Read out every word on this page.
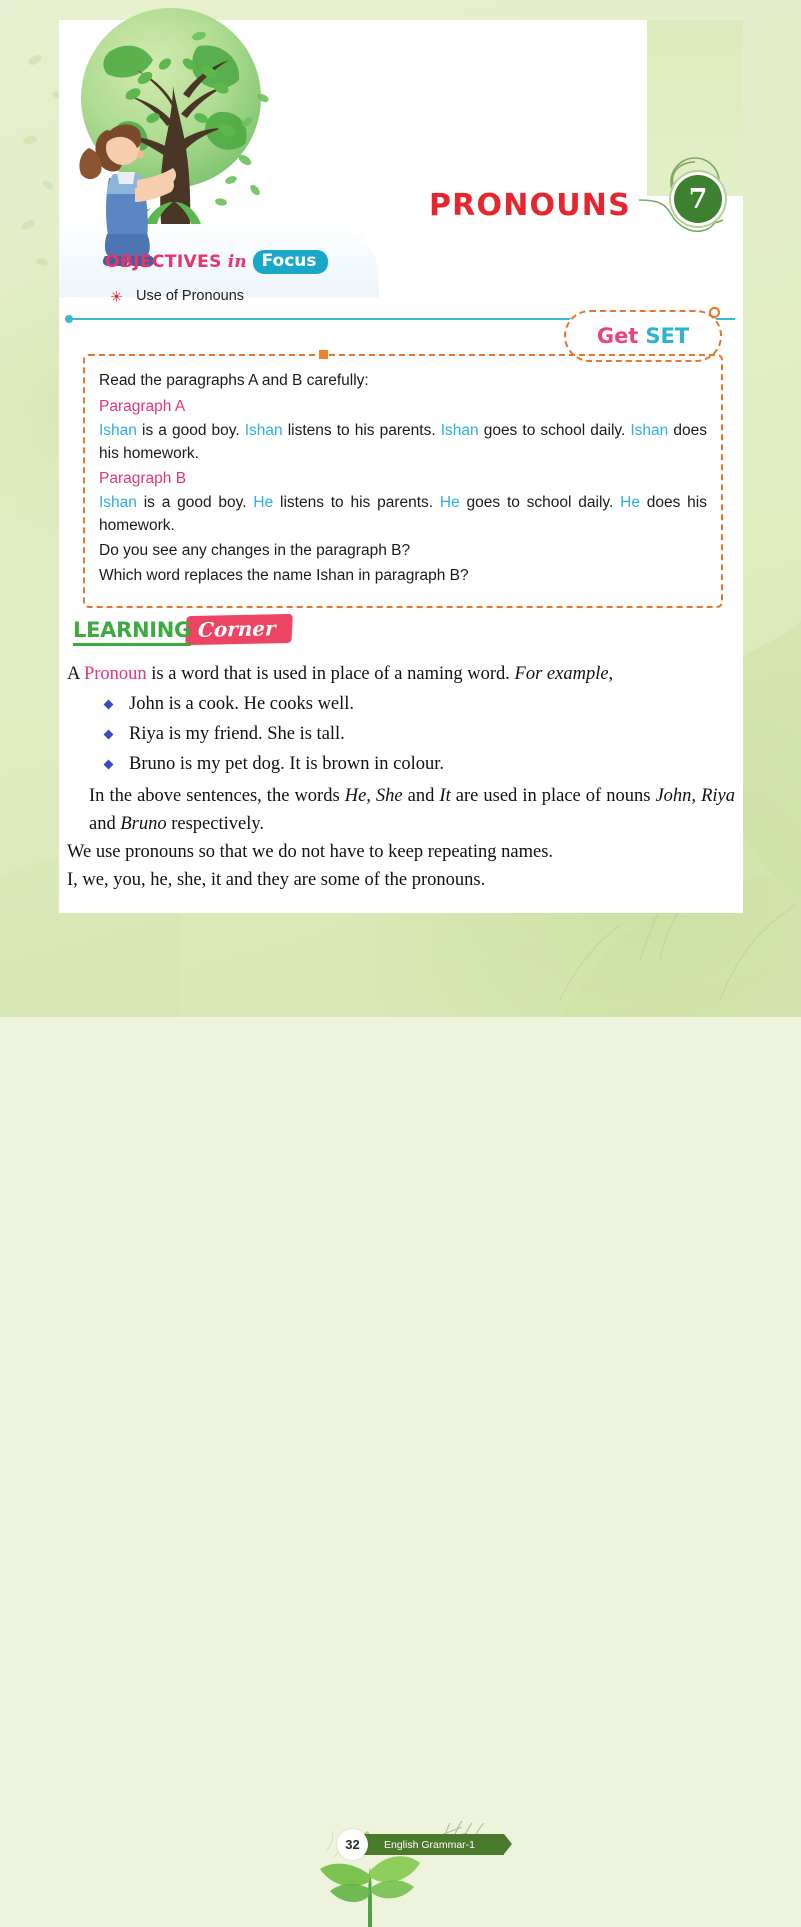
PRONOUNS	7
OBJECTIVES in Focus
Use of Pronouns
Get SET
Read the paragraphs A and B carefully:
Paragraph A
Ishan is a good boy. Ishan listens to his parents. Ishan goes to school daily. Ishan does his homework.
Paragraph B
Ishan is a good boy. He listens to his parents. He goes to school daily. He does his homework.
Do you see any changes in the paragraph B?
Which word replaces the name Ishan in paragraph B?
LEARNING Corner
A Pronoun is a word that is used in place of a naming word. For example,
John is a cook. He cooks well.
Riya is my friend. She is tall.
Bruno is my pet dog. It is brown in colour.
In the above sentences, the words He, She and It are used in place of nouns John, Riya and Bruno respectively.
We use pronouns so that we do not have to keep repeating names.
I, we, you, he, she, it and they are some of the pronouns.
English Grammar-1
32
